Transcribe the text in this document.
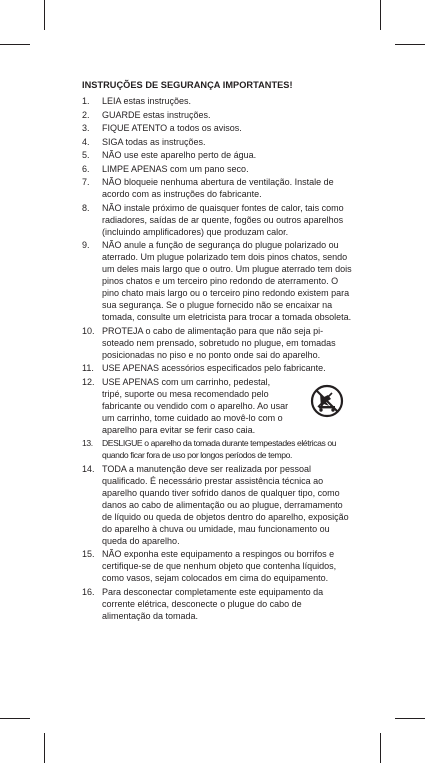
INSTRUÇÕES DE SEGURANÇA IMPORTANTES!
1.	LEIA estas instruções.
2.	GUARDE estas instruções.
3.	FIQUE ATENTO a todos os avisos.
4.	SIGA todas as instruções.
5.	NÃO use este aparelho perto de água.
6.	LIMPE APENAS com um pano seco.
7.	NÃO bloqueie nenhuma abertura de ventilação. Instale de acordo com as instruções do fabricante.
8.	NÃO instale próximo de quaisquer fontes de calor, tais como radiadores, saídas de ar quente, fogões ou outros aparelhos (incluindo amplificadores) que produzam calor.
9.	NÃO anule a função de segurança do plugue polarizado ou aterrado. Um plugue polarizado tem dois pinos chatos, sendo um deles mais largo que o outro. Um plugue aterrado tem dois pinos chatos e um terceiro pino redondo de aterramento. O pino chato mais largo ou o terceiro pino redondo existem para sua segurança. Se o plugue fornecido não se encaixar na tomada, consulte um eletricista para trocar a tomada obsoleta.
10. PROTEJA o cabo de alimentação para que não seja pisoteado nem prensado, sobretudo no plugue, em tomadas posicionadas no piso e no ponto onde sai do aparelho.
11. USE APENAS acessórios especificados pelo fabricante.
12. USE APENAS com um carrinho, pedestal, tripé, suporte ou mesa recomendado pelo fabricante ou vendido com o aparelho. Ao usar um carrinho, tome cuidado ao movê-lo com o aparelho para evitar se ferir caso caia.
13.	DESLIGUE o aparelho da tomada durante tempestades elétricas ou quando ficar fora de uso por longos períodos de tempo.
14. TODA a manutenção deve ser realizada por pessoal qualificado. É necessário prestar assistência técnica ao aparelho quando tiver sofrido danos de qualquer tipo, como danos ao cabo de alimentação ou ao plugue, derramamento de líquido ou queda de objetos dentro do aparelho, exposição do aparelho à chuva ou umidade, mau funcionamento ou queda do aparelho.
15. NÃO exponha este equipamento a respingos ou borrifos e certifique-se de que nenhum objeto que contenha líquidos, como vasos, sejam colocados em cima do equipamento.
16. Para desconectar completamente este equipamento da corrente elétrica, desconecte o plugue do cabo de alimentação da tomada.
